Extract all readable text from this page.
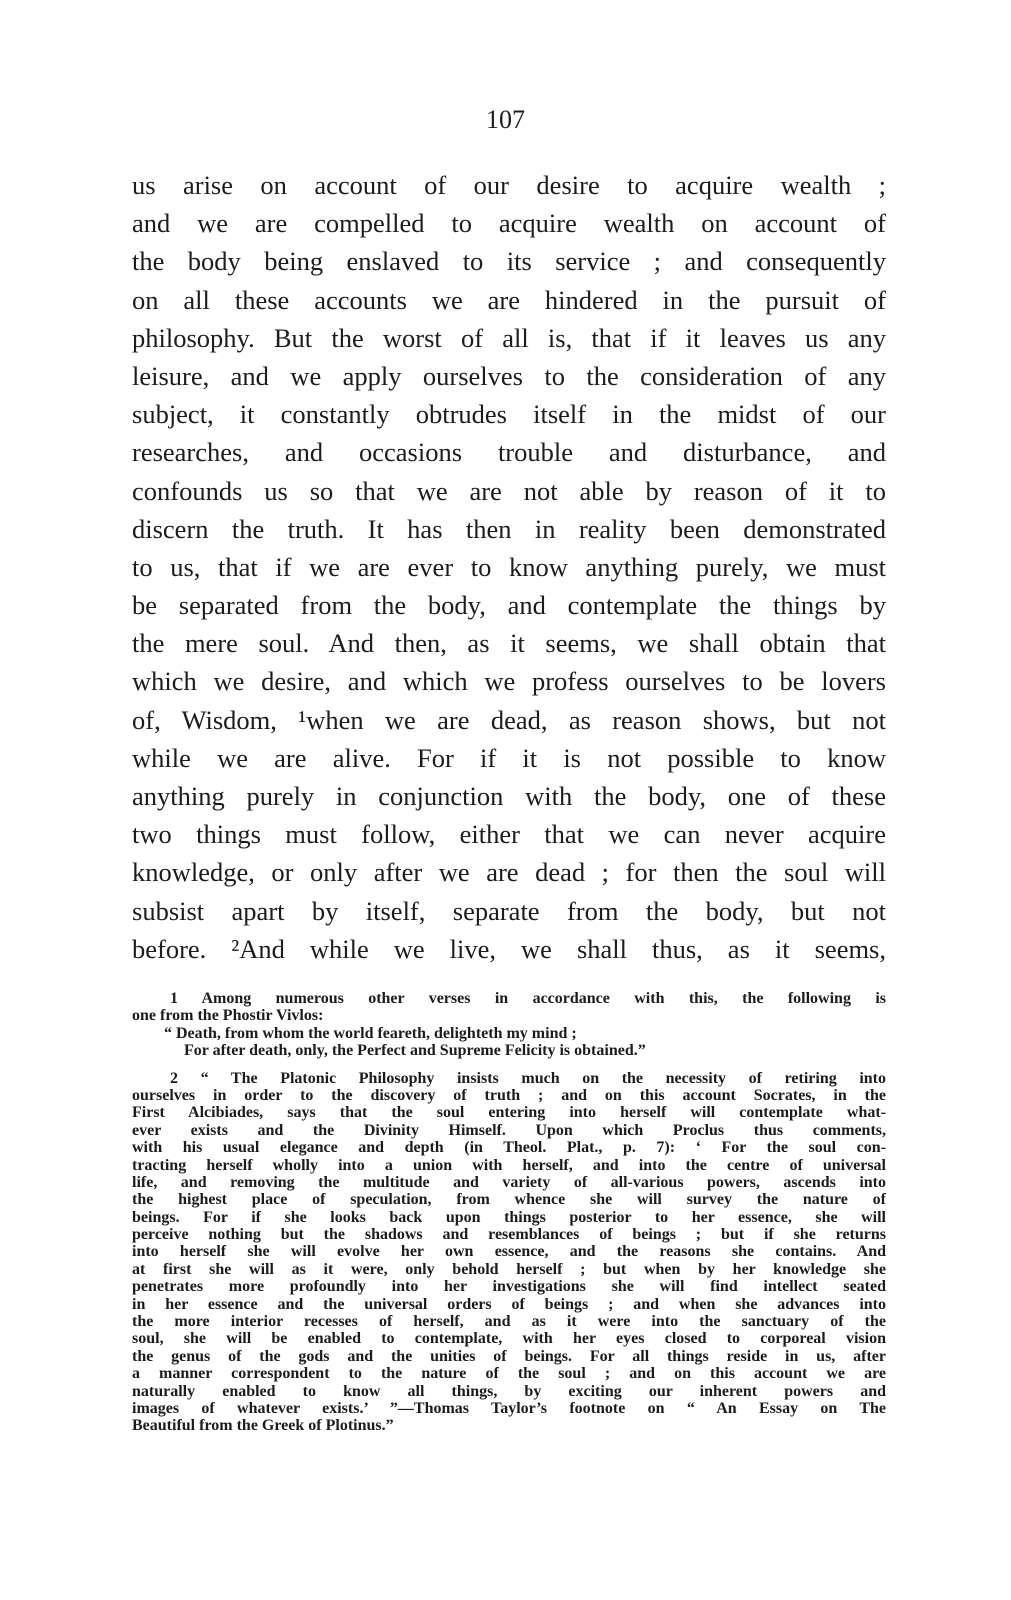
107
us arise on account of our desire to acquire wealth ;
and we are compelled to acquire wealth on account of
the body being enslaved to its service ; and consequently
on all these accounts we are hindered in the pursuit of
philosophy. But the worst of all is, that if it leaves us any
leisure, and we apply ourselves to the consideration of any
subject, it constantly obtrudes itself in the midst of our
researches, and occasions trouble and disturbance, and
confounds us so that we are not able by reason of it to
discern the truth. It has then in reality been demonstrated
to us, that if we are ever to know anything purely, we must
be separated from the body, and contemplate the things by
the mere soul. And then, as it seems, we shall obtain that
which we desire, and which we profess ourselves to be lovers
of, Wisdom, ¹when we are dead, as reason shows, but not
while we are alive. For if it is not possible to know
anything purely in conjunction with the body, one of these
two things must follow, either that we can never acquire
knowledge, or only after we are dead ; for then the soul will
subsist apart by itself, separate from the body, but not
before. ²And while we live, we shall thus, as it seems,
1 Among numerous other verses in accordance with this, the following is
one from the Phostir Vivlos:
“ Death, from whom the world feareth, delighteth my mind ;
For after death, only, the Perfect and Supreme Felicity is obtained.”
2 “ The Platonic Philosophy insists much on the necessity of retiring into
ourselves in order to the discovery of truth ; and on this account Socrates, in the
First Alcibiades, says that the soul entering into herself will contemplate what-
ever exists and the Divinity Himself. Upon which Proclus thus comments,
with his usual elegance and depth (in Theol. Plat., p. 7): ‘ For the soul con-
tracting herself wholly into a union with herself, and into the centre of universal
life, and removing the multitude and variety of all-various powers, ascends into
the highest place of speculation, from whence she will survey the nature of
beings. For if she looks back upon things posterior to her essence, she will
perceive nothing but the shadows and resemblances of beings ; but if she returns
into herself she will evolve her own essence, and the reasons she contains. And
at first she will as it were, only behold herself ; but when by her knowledge she
penetrates more profoundly into her investigations she will find intellect seated
in her essence and the universal orders of beings ; and when she advances into
the more interior recesses of herself, and as it were into the sanctuary of the
soul, she will be enabled to contemplate, with her eyes closed to corporeal vision
the genus of the gods and the unities of beings. For all things reside in us, after
a manner correspondent to the nature of the soul ; and on this account we are
naturally enabled to know all things, by exciting our inherent powers and
images of whatever exists.’ ”—Thomas Taylor’s footnote on “ An Essay on The
Beautiful from the Greek of Plotinus.”
